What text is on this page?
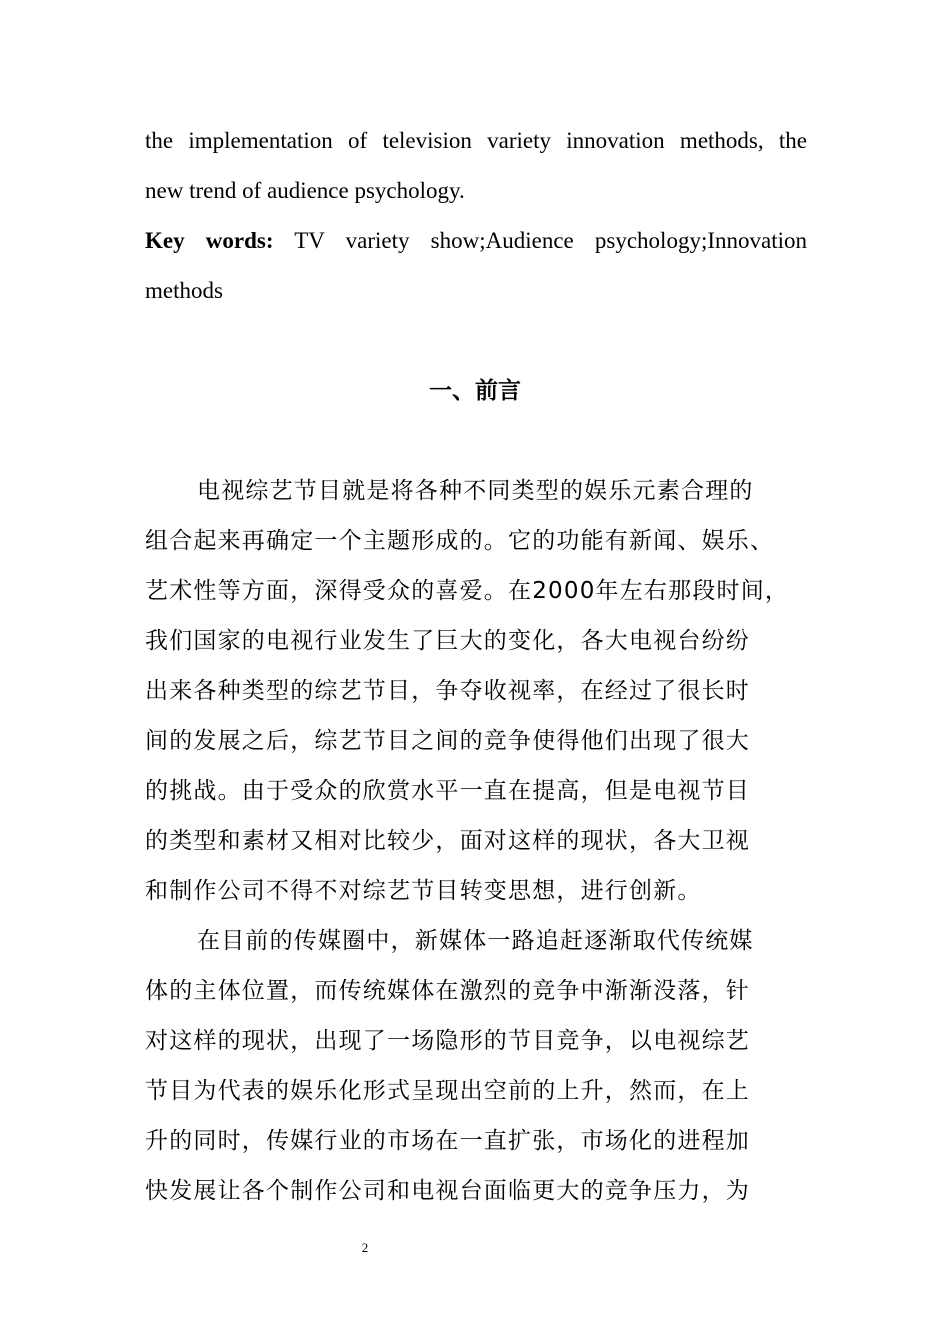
the implementation of television variety innovation methods, the
new trend of audience psychology.
Key words: TV variety show;Audience psychology;Innovation
methods
一、前言
电视综艺节目就是将各种不同类型的娱乐元素合理的
组合起来再确定一个主题形成的。它的功能有新闻、娱乐、
艺术性等方面，深得受众的喜爱。在2000年左右那段时间，
我们国家的电视行业发生了巨大的变化，各大电视台纷纷
出来各种类型的综艺节目，争夺收视率，在经过了很长时
间的发展之后，综艺节目之间的竞争使得他们出现了很大
的挑战。由于受众的欣赏水平一直在提高，但是电视节目
的类型和素材又相对比较少，面对这样的现状，各大卫视
和制作公司不得不对综艺节目转变思想，进行创新。
在目前的传媒圈中，新媒体一路追赶逐渐取代传统媒
体的主体位置，而传统媒体在激烈的竞争中渐渐没落，针
对这样的现状，出现了一场隐形的节目竞争，以电视综艺
节目为代表的娱乐化形式呈现出空前的上升，然而，在上
升的同时，传媒行业的市场在一直扩张，市场化的进程加
快发展让各个制作公司和电视台面临更大的竞争压力，为
2
